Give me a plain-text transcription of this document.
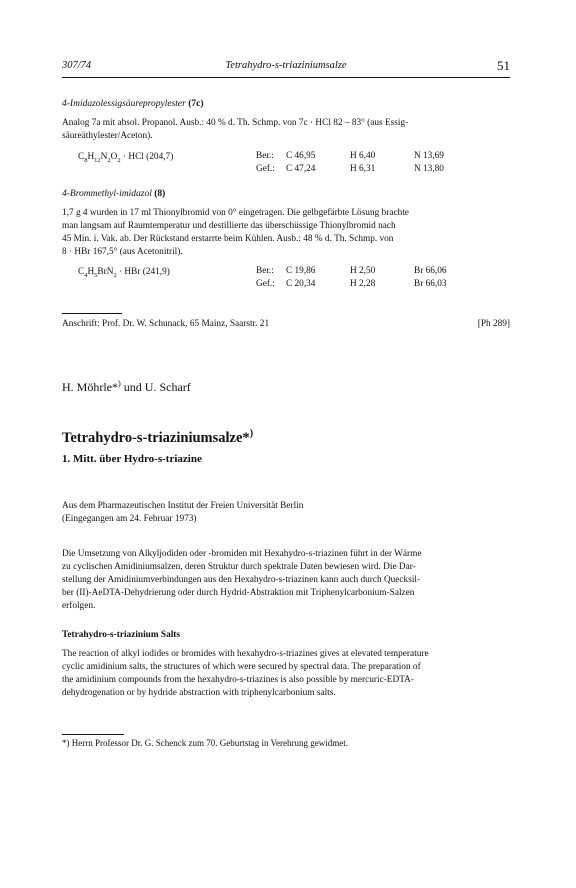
307/74	Tetrahydro-s-triaziniumsalze	51
4-Imidazolessigsäurepropylester (7c)
Analog 7a mit absol. Propanol. Ausb.: 40 % d. Th. Schmp. von 7c · HCl 82 – 83° (aus Essig-
säureäthylester/Aceton).
$C_8H_{12}N_2O_2$ · HCl (204,7)	Ber.: C 46,95	H 6,40	N 13,69
Gef.: C 47,24	H 6,31	N 13,80
4-Brommethyl-imidazol (8)
1,7 g 4 wurden in 17 ml Thionylbromid von 0° eingetragen. Die gelbgefärbte Lösung brachte
man langsam auf Raumtemperatur und destillierte das überschüssige Thionylbromid nach
45 Min. i. Vak. ab. Der Rückstand erstarrte beim Kühlen. Ausb.: 48 % d. Th. Schmp. von
8 · HBr 167,5° (aus Acetonitril).
$C_4H_5BrN_2$ · HBr (241,9)	Ber.: C 19,86	H 2,50	Br 66,06
Gef.: C 20,34	H 2,28	Br 66,03
Anschrift: Prof. Dr. W. Schunack, 65 Mainz, Saarstr. 21	[Ph 289]
H. Möhrle*) und U. Scharf
Tetrahydro-s-triaziniumsalze*)
1. Mitt. über Hydro-s-triazine
Aus dem Pharmazeutischen Institut der Freien Universität Berlin
(Eingegangen am 24. Februar 1973)
Die Umsetzung von Alkyljodiden oder -bromiden mit Hexahydro-s-triazinen führt in der Wärme
zu cyclischen Amidiniumsalzen, deren Struktur durch spektrale Daten bewiesen wird. Die Dar-
stellung der Amidiniumverbindungen aus den Hexahydro-s-triazinen kann auch durch Quecksil-
ber (II)-AeDTA-Dehydrierung oder durch Hydrid-Abstraktion mit Triphenylcarbonium-Salzen
erfolgen.
Tetrahydro-s-triazinium Salts
The reaction of alkyl iodides or bromides with hexahydro-s-triazines gives at elevated temperature
cyclic amidinium salts, the structures of which were secured by spectral data. The preparation of
the amidinium compounds from the hexahydro-s-triazines is also possible by mercuric-EDTA-
dehydrogenation or by hydride abstraction with triphenylcarbonium salts.
*) Herrn Professor Dr. G. Schenck zum 70. Geburtstag in Verehrung gewidmet.
